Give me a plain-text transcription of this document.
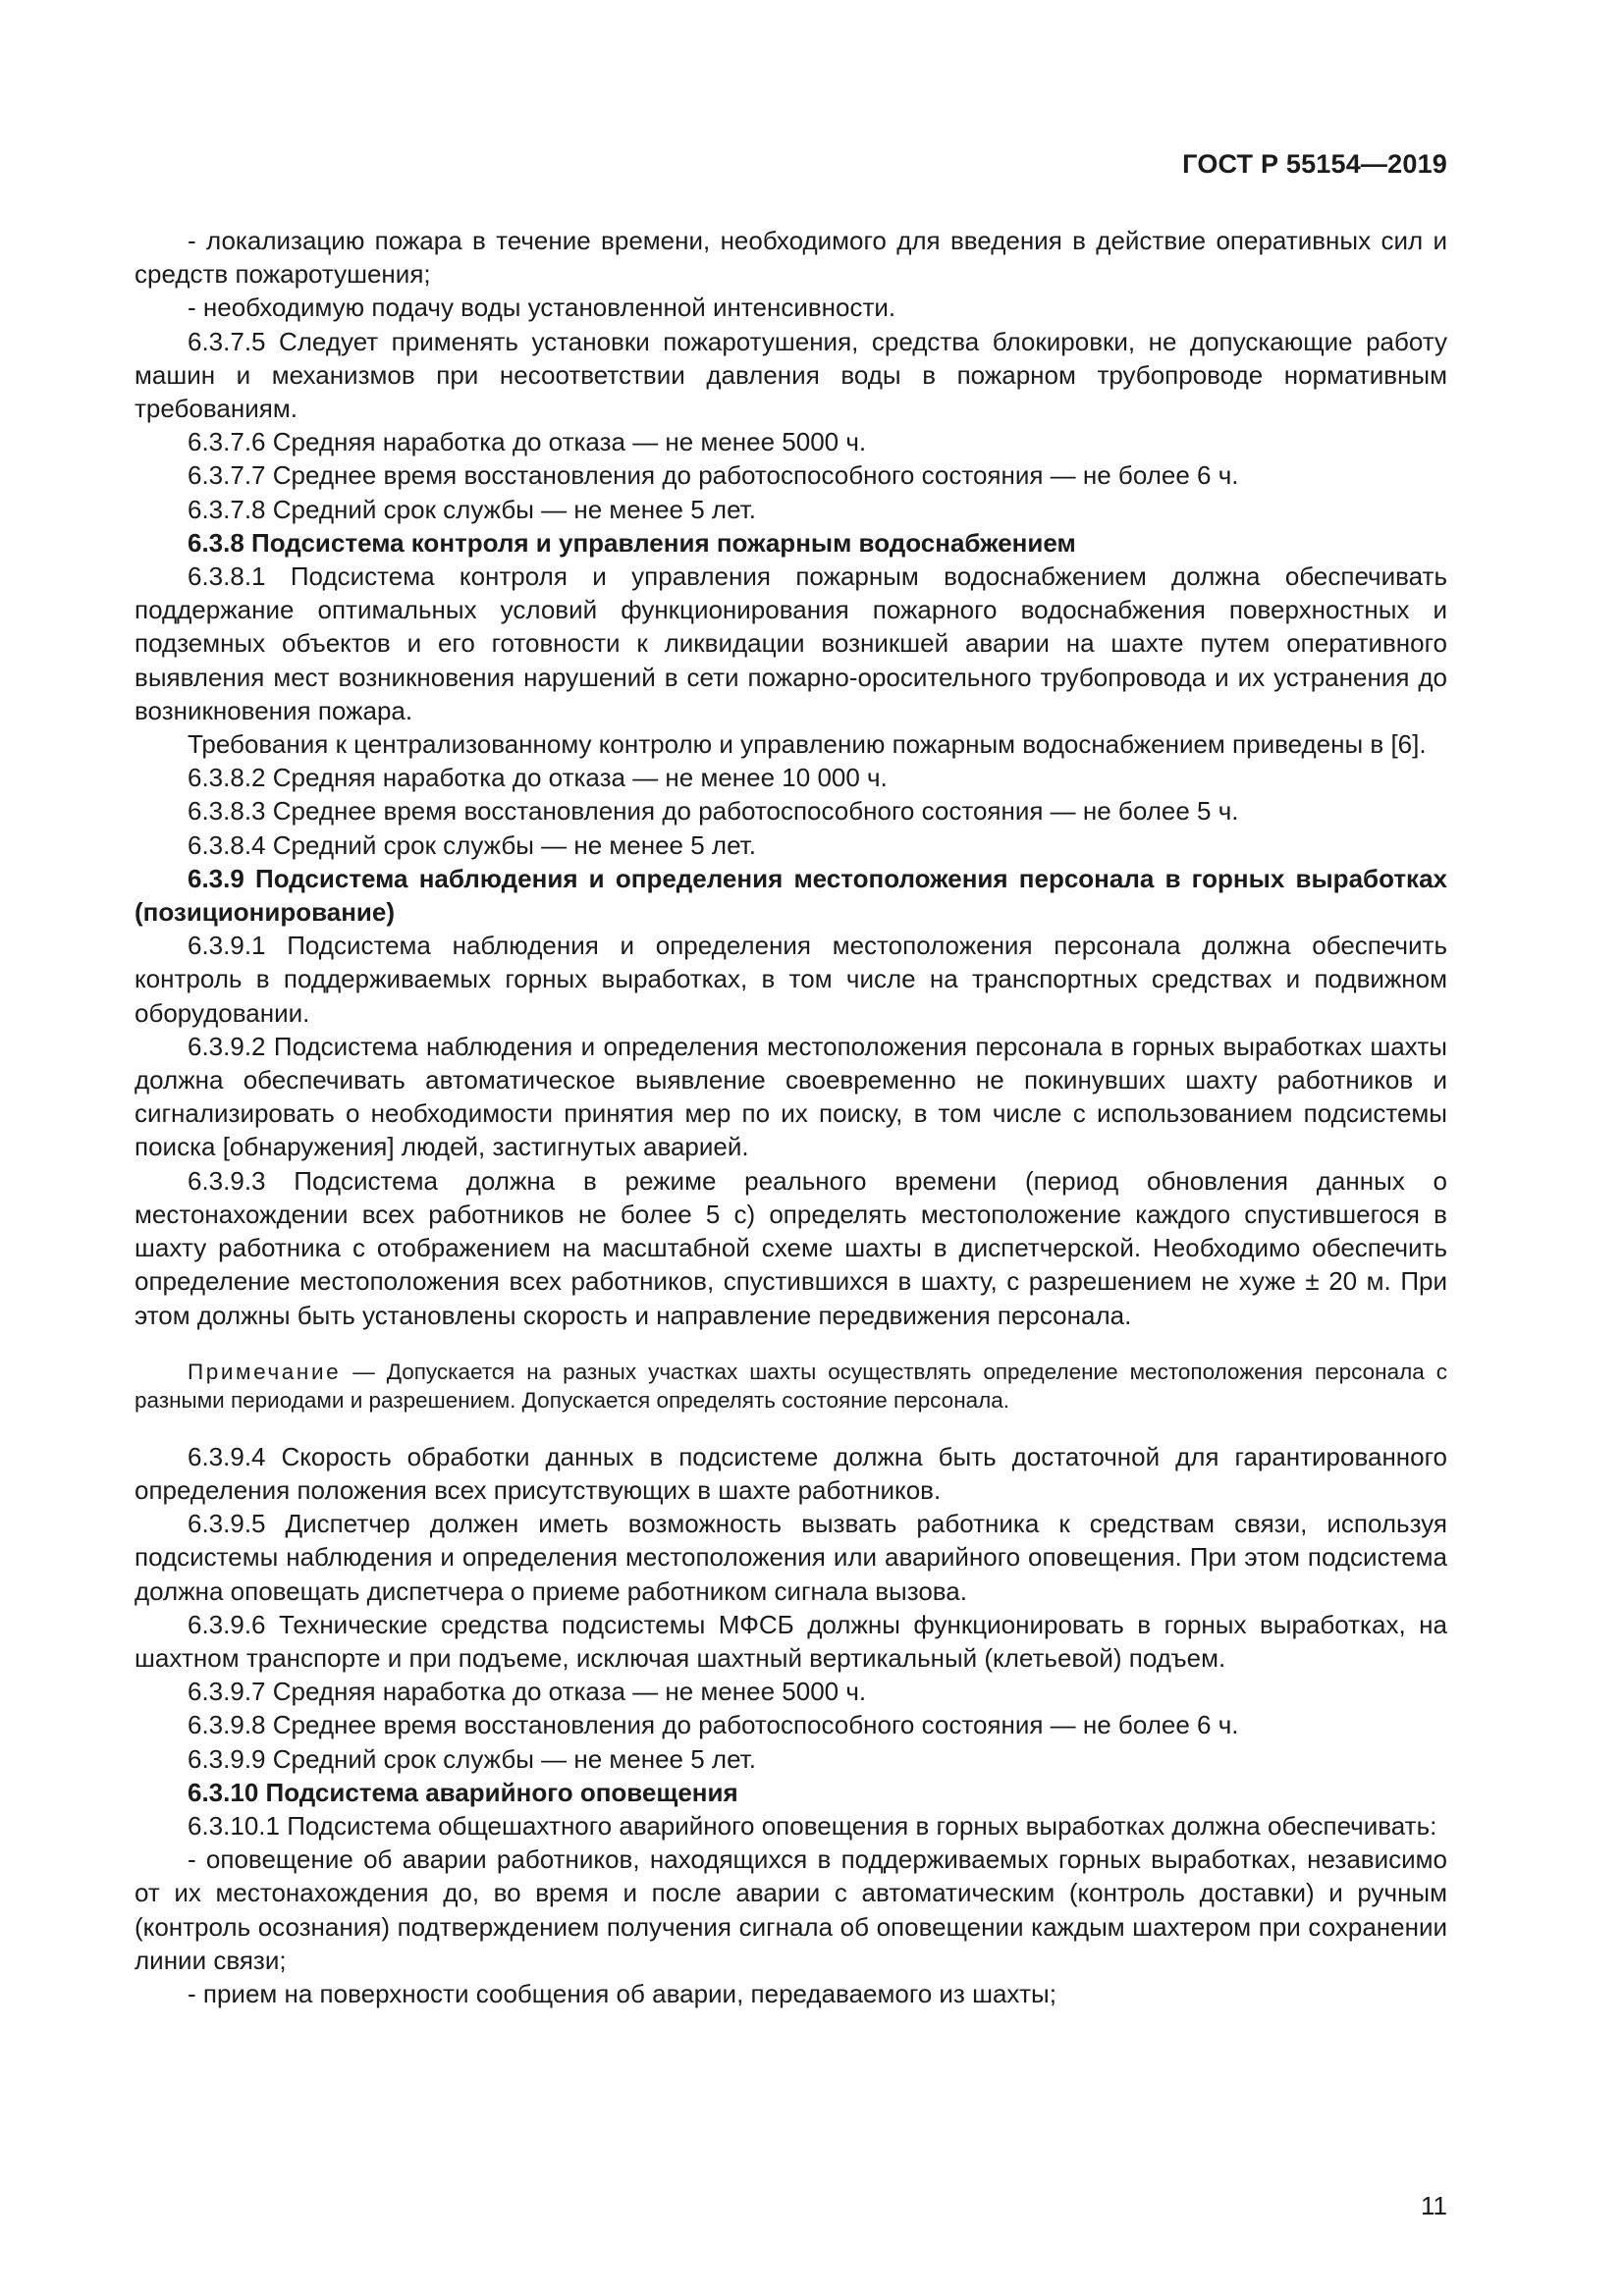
ГОСТ Р 55154—2019

- локализацию пожара в течение времени, необходимого для введения в действие оперативных сил и средств пожаротушения;

- необходимую подачу воды установленной интенсивности.

6.3.7.5 Следует применять установки пожаротушения, средства блокировки, не допускающие работу машин и механизмов при несоответствии давления воды в пожарном трубопроводе нормативным требованиям.

6.3.7.6 Средняя наработка до отказа — не менее 5000 ч.

6.3.7.7 Среднее время восстановления до работоспособного состояния — не более 6 ч.

6.3.7.8 Средний срок службы — не менее 5 лет.

6.3.8 Подсистема контроля и управления пожарным водоснабжением

6.3.8.1 Подсистема контроля и управления пожарным водоснабжением должна обеспечивать поддержание оптимальных условий функционирования пожарного водоснабжения поверхностных и подземных объектов и его готовности к ликвидации возникшей аварии на шахте путем оперативного выявления мест возникновения нарушений в сети пожарно-оросительного трубопровода и их устранения до возникновения пожара.

Требования к централизованному контролю и управлению пожарным водоснабжением приведены в [6].

6.3.8.2 Средняя наработка до отказа — не менее 10 000 ч.

6.3.8.3 Среднее время восстановления до работоспособного состояния — не более 5 ч.

6.3.8.4 Средний срок службы — не менее 5 лет.

6.3.9 Подсистема наблюдения и определения местоположения персонала в горных выработках (позиционирование)

6.3.9.1 Подсистема наблюдения и определения местоположения персонала должна обеспечить контроль в поддерживаемых горных выработках, в том числе на транспортных средствах и подвижном оборудовании.

6.3.9.2 Подсистема наблюдения и определения местоположения персонала в горных выработках шахты должна обеспечивать автоматическое выявление своевременно не покинувших шахту работников и сигнализировать о необходимости принятия мер по их поиску, в том числе с использованием подсистемы поиска [обнаружения] людей, застигнутых аварией.

6.3.9.3 Подсистема должна в режиме реального времени (период обновления данных о местонахождении всех работников не более 5 с) определять местоположение каждого спустившегося в шахту работника с отображением на масштабной схеме шахты в диспетчерской. Необходимо обеспечить определение местоположения всех работников, спустившихся в шахту, с разрешением не хуже ± 20 м. При этом должны быть установлены скорость и направление передвижения персонала.

Примечание — Допускается на разных участках шахты осуществлять определение местоположения персонала с разными периодами и разрешением. Допускается определять состояние персонала.

6.3.9.4 Скорость обработки данных в подсистеме должна быть достаточной для гарантированного определения положения всех присутствующих в шахте работников.

6.3.9.5 Диспетчер должен иметь возможность вызвать работника к средствам связи, используя подсистемы наблюдения и определения местоположения или аварийного оповещения. При этом подсистема должна оповещать диспетчера о приеме работником сигнала вызова.

6.3.9.6 Технические средства подсистемы МФСБ должны функционировать в горных выработках, на шахтном транспорте и при подъеме, исключая шахтный вертикальный (клетьевой) подъем.

6.3.9.7 Средняя наработка до отказа — не менее 5000 ч.

6.3.9.8 Среднее время восстановления до работоспособного состояния — не более 6 ч.

6.3.9.9 Средний срок службы — не менее 5 лет.

6.3.10 Подсистема аварийного оповещения

6.3.10.1 Подсистема общешахтного аварийного оповещения в горных выработках должна обеспечивать:

- оповещение об аварии работников, находящихся в поддерживаемых горных выработках, независимо от их местонахождения до, во время и после аварии с автоматическим (контроль доставки) и ручным (контроль осознания) подтверждением получения сигнала об оповещении каждым шахтером при сохранении линии связи;

- прием на поверхности сообщения об аварии, передаваемого из шахты;

11
